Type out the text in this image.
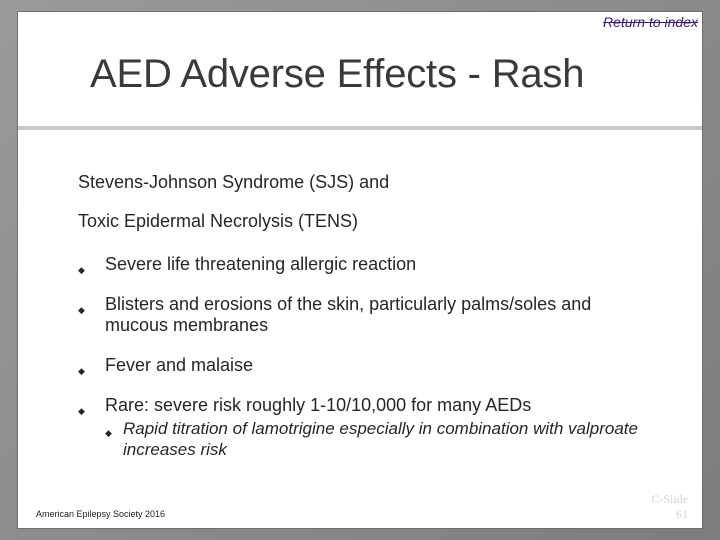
Return to index
AED Adverse Effects - Rash
Stevens-Johnson Syndrome (SJS) and
Toxic Epidermal Necrolysis (TENS)
◆ Severe life threatening allergic reaction
◆ Blisters and erosions of the skin, particularly palms/soles and mucous membranes
◆ Fever and malaise
◆ Rare: severe risk roughly 1-10/10,000 for many AEDs
◆ Rapid titration of lamotrigine especially in combination with valproate increases risk
American Epilepsy Society 2016
C-Slide
61
